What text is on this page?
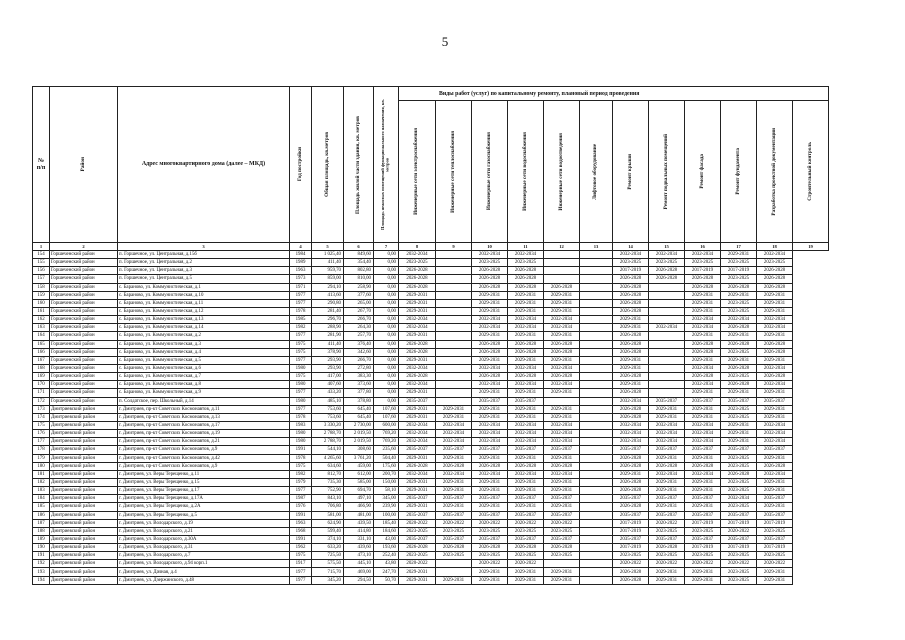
5
№ п/п	Район	Адрес многоквартирного дома (далее – МКД)	Год постройки	Общая площадь, кв.метров	Площадь жилой части здания, кв. метров	Площадь нежилых помещений функционального назначения, кв. метров	Виды работ (услуг) по капитальному ремонту, плановый период проведения											

							Инженерные сети электроснабжения	Инженерные сети теплоснабжения	Инженерные сети газоснабжения	Инженерные сети водоснабжения	Инженерные сети водоотведения	Лифтовое оборудование	Ремонт крыши	Ремонт подвальных помещений	Ремонт фасада	Ремонт фундамента	Разработка проектной документации	Строительный контроль

1	2	3	4	5	6	7	8	9	10	11	12	13	14	15	16	17	18	19
154	Горшеченский район	п. Горшечное, ул. Центральная, д.15б	1984	1 025,40	849,60	0,00	2032-2034		2032-2034	2032-2034			2032-2034	2032-2034	2032-2034	2029-2031	2032-2034	
155	Горшеченский район	п. Горшечное, ул. Центральная, д.2	1989	411,40	354,40	0,00	2023-2025		2023-2025	2023-2025			2023-2025	2023-2025	2023-2025	2023-2025	2023-2025	
156	Горшеченский район	п. Горшечное, ул. Центральная, д.3	1963	959,70	802,80	0,00	2026-2028		2026-2028	2026-2028			2017-2019	2026-2028	2017-2019	2017-2019	2026-2028	
157	Горшеченский район	п. Горшечное, ул. Центральная, д.5	1973	859,00	810,00	0,00	2026-2028		2026-2028	2026-2028			2026-2028	2026-2028	2026-2028	2023-2025	2026-2028	
158	Горшеченский район	с. Бараново, ул. Коммунистическая, д.1	1971	294,10	258,90	0,00	2026-2028		2026-2028	2026-2028	2026-2028		2026-2028		2026-2028	2026-2028	2026-2028	
159	Горшеченский район	с. Бараново, ул. Коммунистическая, д.10	1977	413,60	377,60	0,00	2029-2031		2029-2031	2029-2031	2029-2031		2026-2028		2029-2031	2029-2031	2029-2031	
160	Горшеченский район	с. Бараново, ул. Коммунистическая, д.11	1977	290,80	265,00	0,00	2029-2031		2029-2031	2029-2031	2029-2031		2026-2028		2029-2031	2023-2025	2029-2031	
161	Горшеченский район	с. Бараново, ул. Коммунистическая, д.12	1978	281,40	267,70	0,00	2029-2031		2029-2031	2029-2031	2029-2031		2026-2028		2029-2031	2023-2025	2029-2031	
162	Горшеченский район	с. Бараново, ул. Коммунистическая, д.13	1985	296,70	266,70	0,00	2032-2034		2032-2034	2032-2034	2032-2034		2029-2031		2032-2034	2032-2034	2032-2034	
163	Горшеченский район	с. Бараново, ул. Коммунистическая, д.14	1982	288,90	264,30	0,00	2032-2034		2032-2034	2032-2034	2032-2034		2029-2031	2032-2034	2032-2034	2026-2028	2032-2034	
164	Горшеченский район	с. Бараново, ул. Коммунистическая, д.2	1977	281,90	257,70	0,00	2029-2031		2029-2031	2029-2031	2029-2031		2026-2028		2029-2031	2029-2031	2029-2031	
165	Горшеченский район	с. Бараново, ул. Коммунистическая, д.3	1975	411,40	376,40	0,00	2026-2028		2026-2028	2026-2028	2026-2028		2026-2028		2026-2028	2026-2028	2026-2028	
166	Горшеченский район	с. Бараново, ул. Коммунистическая, д.4	1975	378,90	342,60	0,00	2026-2028		2026-2028	2026-2028	2026-2028		2026-2028		2026-2028	2023-2025	2026-2028	
167	Горшеченский район	с. Бараново, ул. Коммунистическая, д.5	1977	293,90	266,70	0,00	2029-2031		2029-2031	2029-2031	2029-2031		2029-2031		2029-2031	2029-2031	2029-2031	
168	Горшеченский район	с. Бараново, ул. Коммунистическая, д.6	1980	293,90	272,80	0,00	2032-2034		2032-2034	2032-2034	2032-2034		2029-2031		2032-2034	2026-2028	2032-2034	
169	Горшеченский район	с. Бараново, ул. Коммунистическая, д.7	1975	417,00	383,30	0,00	2026-2028		2026-2028	2026-2028	2026-2028		2026-2028		2026-2028	2023-2025	2026-2028	
170	Горшеченский район	с. Бараново, ул. Коммунистическая, д.8	1980	407,60	373,60	0,00	2032-2034		2032-2034	2032-2034	2032-2034		2029-2031		2032-2034	2026-2028	2032-2034	
171	Горшеченский район	с. Бараново, ул. Коммунистическая, д.9	1977	433,20	377,80	0,00	2029-2031		2029-2031	2029-2031	2029-2031		2026-2028		2029-2031	2029-2031	2029-2031	
172	Горшеченский район	п. Солдатское, пер. Школьный, д.14	1980	485,10	378,80	0,00	2035-2037		2035-2037	2035-2037			2032-2034	2035-2037	2035-2037	2035-2037	2035-2037	
173	Дмитриевский район	г. Дмитриев, пр-кт Советских Космонавтов, д.11	1977	753,60	645,40	107,60	2029-2031	2029-2031	2029-2031	2029-2031	2029-2031		2026-2028	2029-2031	2029-2031	2023-2025	2029-2031	
174	Дмитриевский район	г. Дмитриев, пр-кт Советских Космонавтов, д.13	1978	753,60	645,40	107,60	2029-2031	2029-2031	2029-2031	2029-2031	2029-2031		2026-2028	2029-2031	2029-2031	2023-2025	2029-2031	
175	Дмитриевский район	г. Дмитриев, пр-кт Советских Космонавтов, д.17	1983	3 330,20	2 730,00	600,00	2032-2034	2032-2034	2032-2034	2032-2034	2032-2034		2032-2034	2032-2034	2032-2034	2029-2031	2032-2034	
176	Дмитриевский район	г. Дмитриев, пр-кт Советских Космонавтов, д.19	1980	2 788,70	2 019,50	769,20	2032-2034	2032-2034	2032-2034	2032-2034	2032-2034		2032-2034	2032-2034	2032-2034	2029-2031	2032-2034	
177	Дмитриевский район	г. Дмитриев, пр-кт Советских Космонавтов, д.21	1980	2 788,70	2 019,50	769,20	2032-2034	2032-2034	2032-2034	2032-2034	2032-2034		2032-2034	2032-2034	2032-2034	2029-2031	2032-2034	
178	Дмитриевский район	г. Дмитриев, пр-кт Советских Космонавтов, д.9	1991	544,10	308,60	235,60	2035-2037	2035-2037	2035-2037	2035-2037	2035-2037		2035-2037	2035-2037	2035-2037	2035-2037	2035-2037	
179	Дмитриевский район	г. Дмитриев, пр-кт Советских Космонавтов, д.42	1978	4 265,60	3 761,20	504,40	2029-2031	2029-2031	2029-2031	2029-2031	2029-2031		2026-2028	2029-2031	2029-2031	2023-2025	2029-2031	
180	Дмитриевский район	г. Дмитриев, пр-кт Советских Космонавтов, д.9	1975	634,60	459,00	175,60	2026-2028	2026-2028	2026-2028	2026-2028	2026-2028		2026-2028	2026-2028	2026-2028	2023-2025	2026-2028	
181	Дмитриевский район	г. Дмитриев, ул. Веры Терещенко, д.11	1982	812,70	612,00	200,70	2032-2034	2032-2034	2032-2034	2032-2034	2032-2034		2029-2031	2032-2034	2032-2034	2026-2028	2032-2034	
182	Дмитриевский район	г. Дмитриев, ул. Веры Терещенко, д.15	1979	735,30	585,00	150,00	2029-2031	2029-2031	2029-2031	2029-2031	2029-2031		2026-2028	2029-2031	2029-2031	2023-2025	2029-2031	
183	Дмитриевский район	г. Дмитриев, ул. Веры Терещенко, д.17	1977	752,90	694,70	58,10	2029-2031	2029-2031	2029-2031	2029-2031	2029-2031		2026-2028	2029-2031	2029-2031	2023-2025	2029-2031	
184	Дмитриевский район	г. Дмитриев, ул. Веры Терещенко, д.17А	1987	843,10	497,10	345,00	2035-2037	2035-2037	2035-2037	2035-2037	2035-2037		2035-2037	2035-2037	2035-2037	2032-2034	2035-2037	
185	Дмитриевский район	г. Дмитриев, ул. Веры Терещенко, д.2А	1976	706,80	466,90	239,90	2029-2031	2029-2031	2029-2031	2029-2031	2029-2031		2026-2028	2029-2031	2029-2031	2023-2025	2029-2031	
186	Дмитриевский район	г. Дмитриев, ул. Веры Терещенко, д.5	1991	581,00	481,00	100,00	2035-2037	2035-2037	2035-2037	2035-2037	2035-2037		2035-2037	2035-2037	2035-2037	2035-2037	2035-2037	
187	Дмитриевский район	г. Дмитриев, ул. Володарского, д.19	1963	624,90	439,50	185,40	2020-2022	2020-2022	2020-2022	2020-2022	2020-2022		2017-2019	2020-2022	2017-2019	2017-2019	2017-2019	
188	Дмитриевский район	г. Дмитриев, ул. Володарского, д.21	1968	599,40	414,80	184,60	2023-2025	2023-2025	2023-2025	2023-2025	2023-2025		2017-2019	2023-2025	2023-2025	2020-2022	2023-2025	
189	Дмитриевский район	г. Дмитриев, ул. Володарского, д.30А	1991	374,10	331,10	43,00	2035-2037	2035-2037	2035-2037	2035-2037	2035-2037		2035-2037	2035-2037	2035-2037	2035-2037	2035-2037	
190	Дмитриевский район	г. Дмитриев, ул. Володарского, д.31	1962	633,20	439,60	193,60	2026-2028	2026-2028	2026-2028	2026-2028	2026-2028		2017-2019	2026-2028	2017-2019	2017-2019	2017-2019	
191	Дмитриевский район	г. Дмитриев, ул. Володарского, д.7	1975	725,50	473,10	252,40	2023-2025	2023-2025	2023-2025	2023-2025	2023-2025		2023-2025	2023-2025	2023-2025	2023-2025	2023-2025	
192	Дмитриевский район	г. Дмитриев, ул. Володарского, д.94 корп.1	1917	575,50	445,10	43,80	2020-2022		2020-2022	2020-2022			2020-2022	2020-2022	2020-2022	2020-2022	2020-2022	
193	Дмитриевский район	г. Дмитриев, ул. Дачная, д.4	1977	715,70	469,00	247,70	2029-2031		2029-2031	2029-2031	2029-2031		2026-2028	2029-2031	2029-2031	2023-2025	2029-2031	
194	Дмитриевский район	г. Дмитриев, ул. Дзержинского, д.48	1977	345,20	294,50	50,70	2029-2031	2029-2031	2029-2031	2029-2031	2029-2031		2026-2028	2029-2031	2029-2031	2023-2025	2029-2031	
